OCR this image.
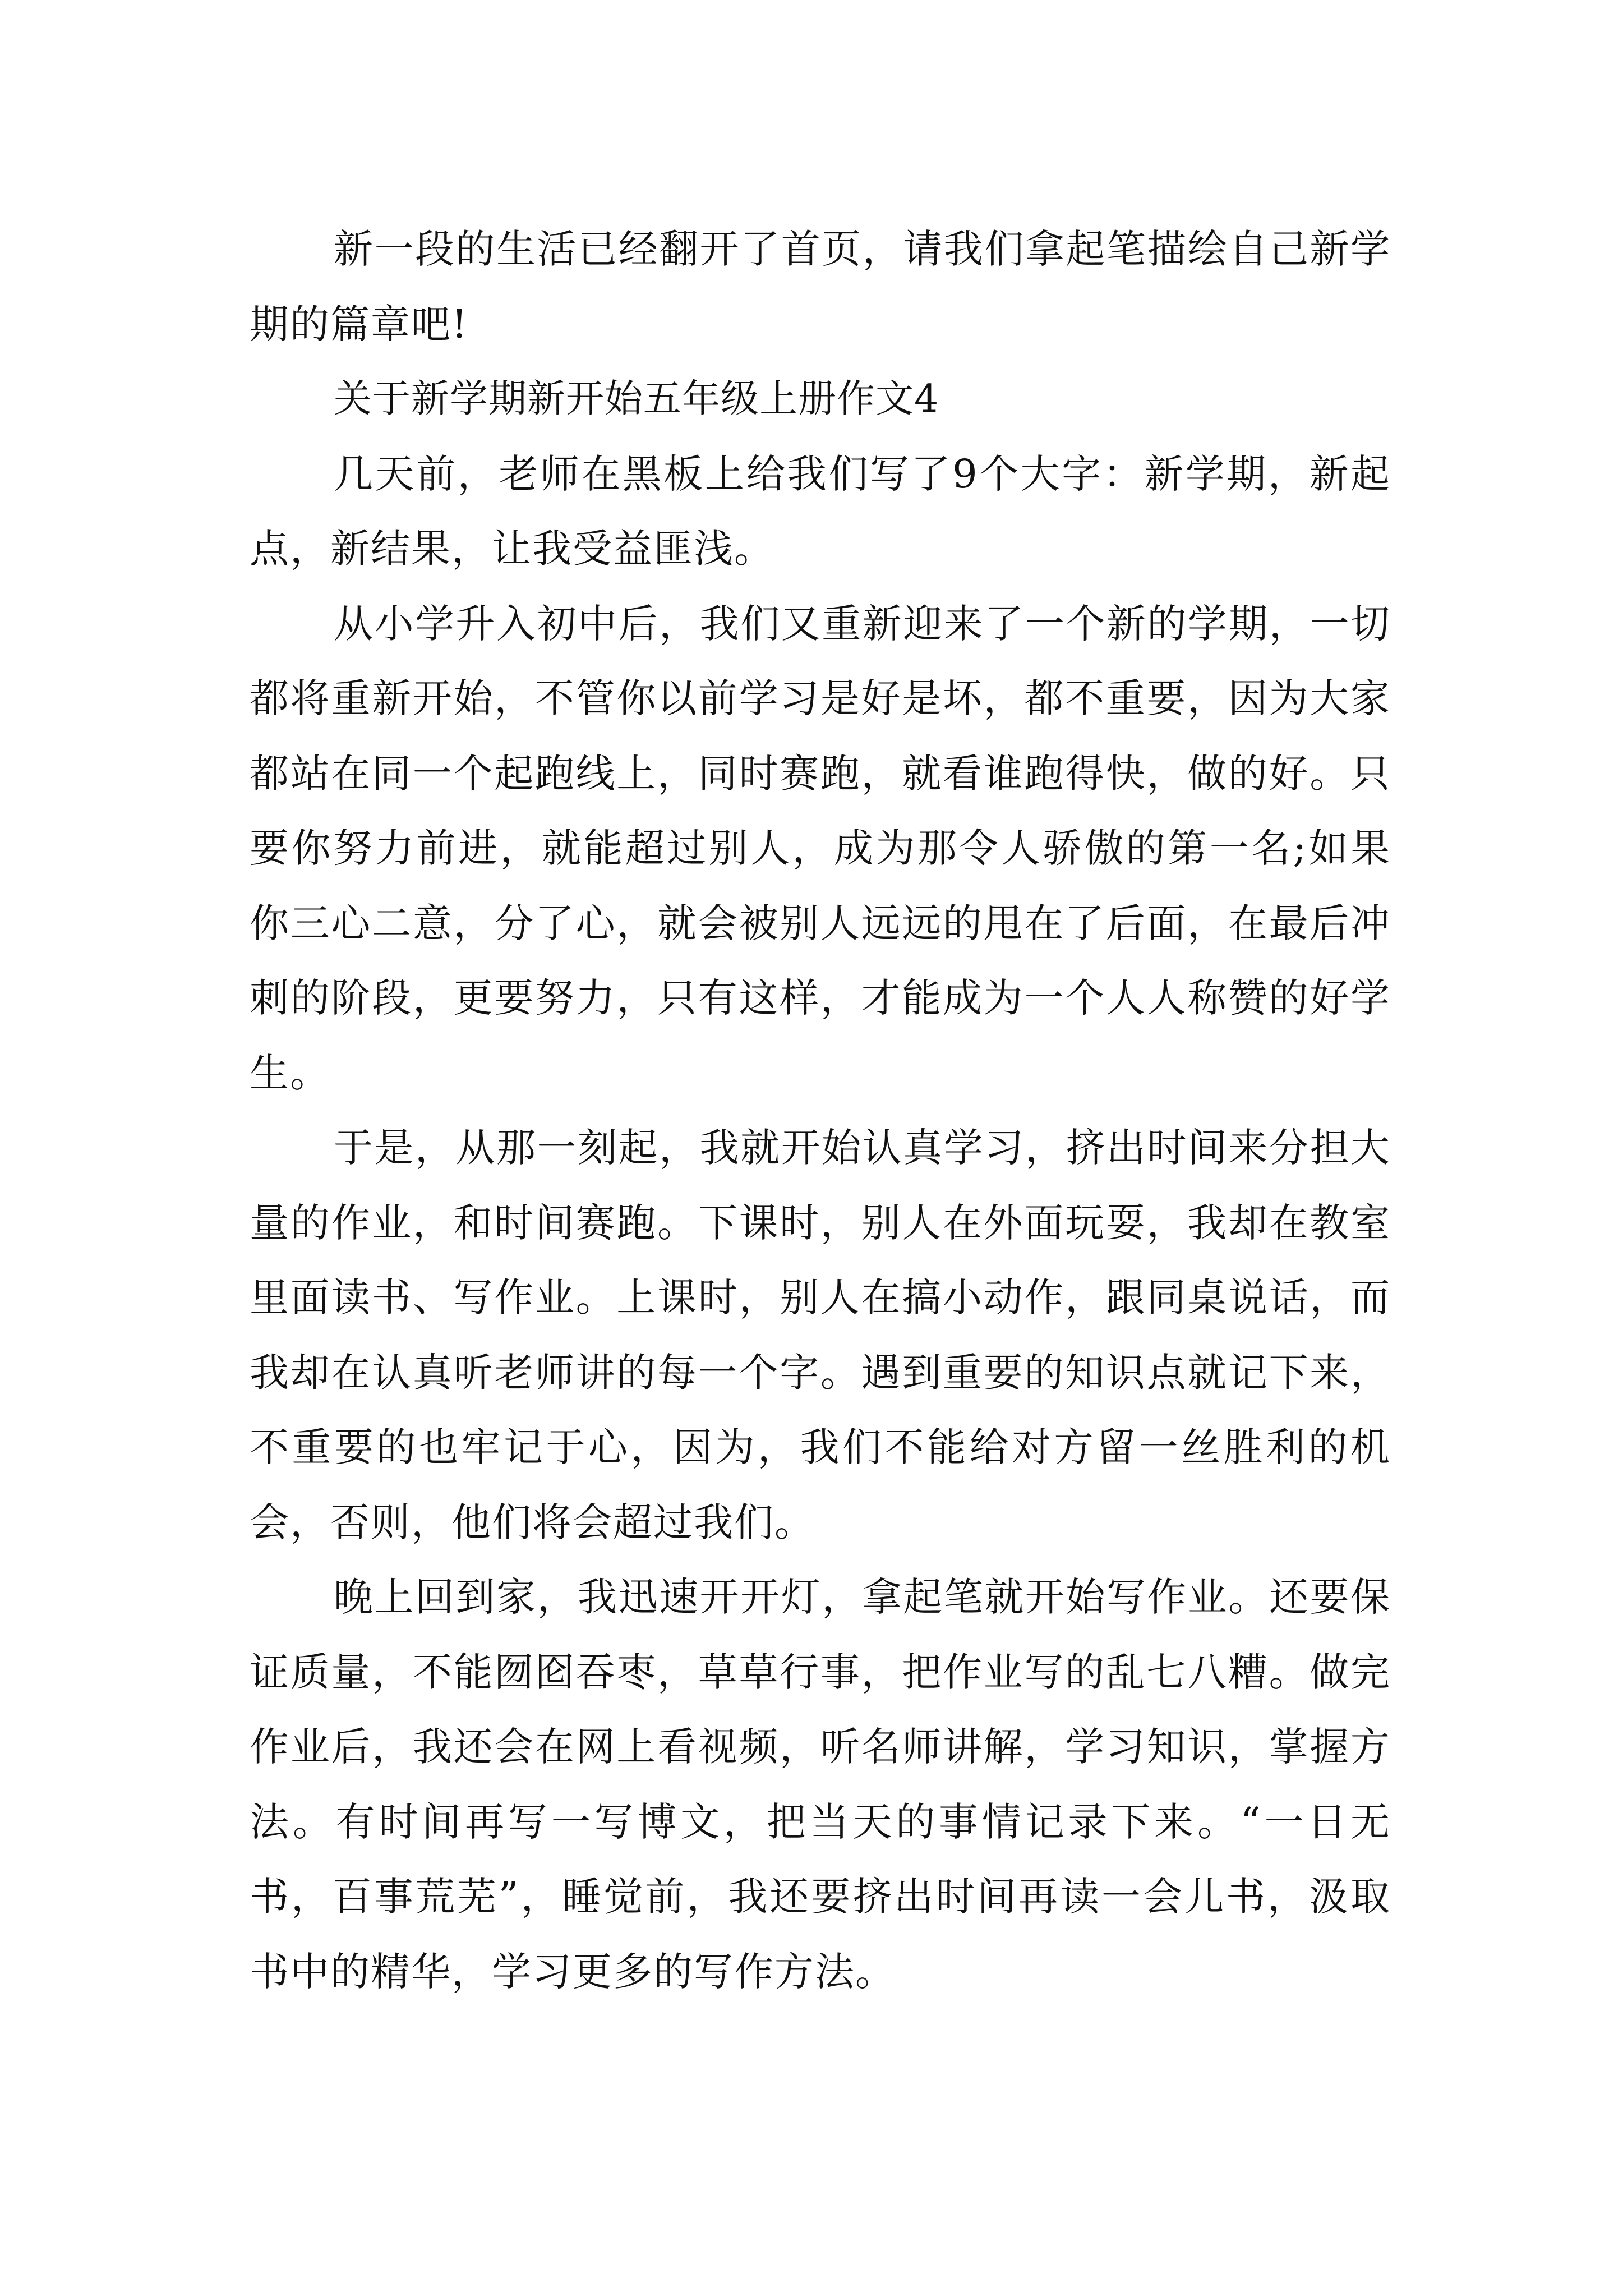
新一段的生活已经翻开了首页，请我们拿起笔描绘自己新学期的篇章吧!

关于新学期新开始五年级上册作文4

几天前，老师在黑板上给我们写了9个大字：新学期，新起点，新结果，让我受益匪浅。

从小学升入初中后，我们又重新迎来了一个新的学期，一切都将重新开始，不管你以前学习是好是坏，都不重要，因为大家都站在同一个起跑线上，同时赛跑，就看谁跑得快，做的好。只要你努力前进，就能超过别人，成为那令人骄傲的第一名;如果你三心二意，分了心，就会被别人远远的甩在了后面，在最后冲刺的阶段，更要努力，只有这样，才能成为一个人人称赞的好学生。

于是，从那一刻起，我就开始认真学习，挤出时间来分担大量的作业，和时间赛跑。下课时，别人在外面玩耍，我却在教室里面读书、写作业。上课时，别人在搞小动作，跟同桌说话，而我却在认真听老师讲的每一个字。遇到重要的知识点就记下来，不重要的也牢记于心，因为，我们不能给对方留一丝胜利的机会，否则，他们将会超过我们。

晚上回到家，我迅速开开灯，拿起笔就开始写作业。还要保证质量，不能囫囵吞枣，草草行事，把作业写的乱七八糟。做完作业后，我还会在网上看视频，听名师讲解，学习知识，掌握方法。有时间再写一写博文，把当天的事情记录下来。“一日无书，百事荒芜”，睡觉前，我还要挤出时间再读一会儿书，汲取书中的精华，学习更多的写作方法。
